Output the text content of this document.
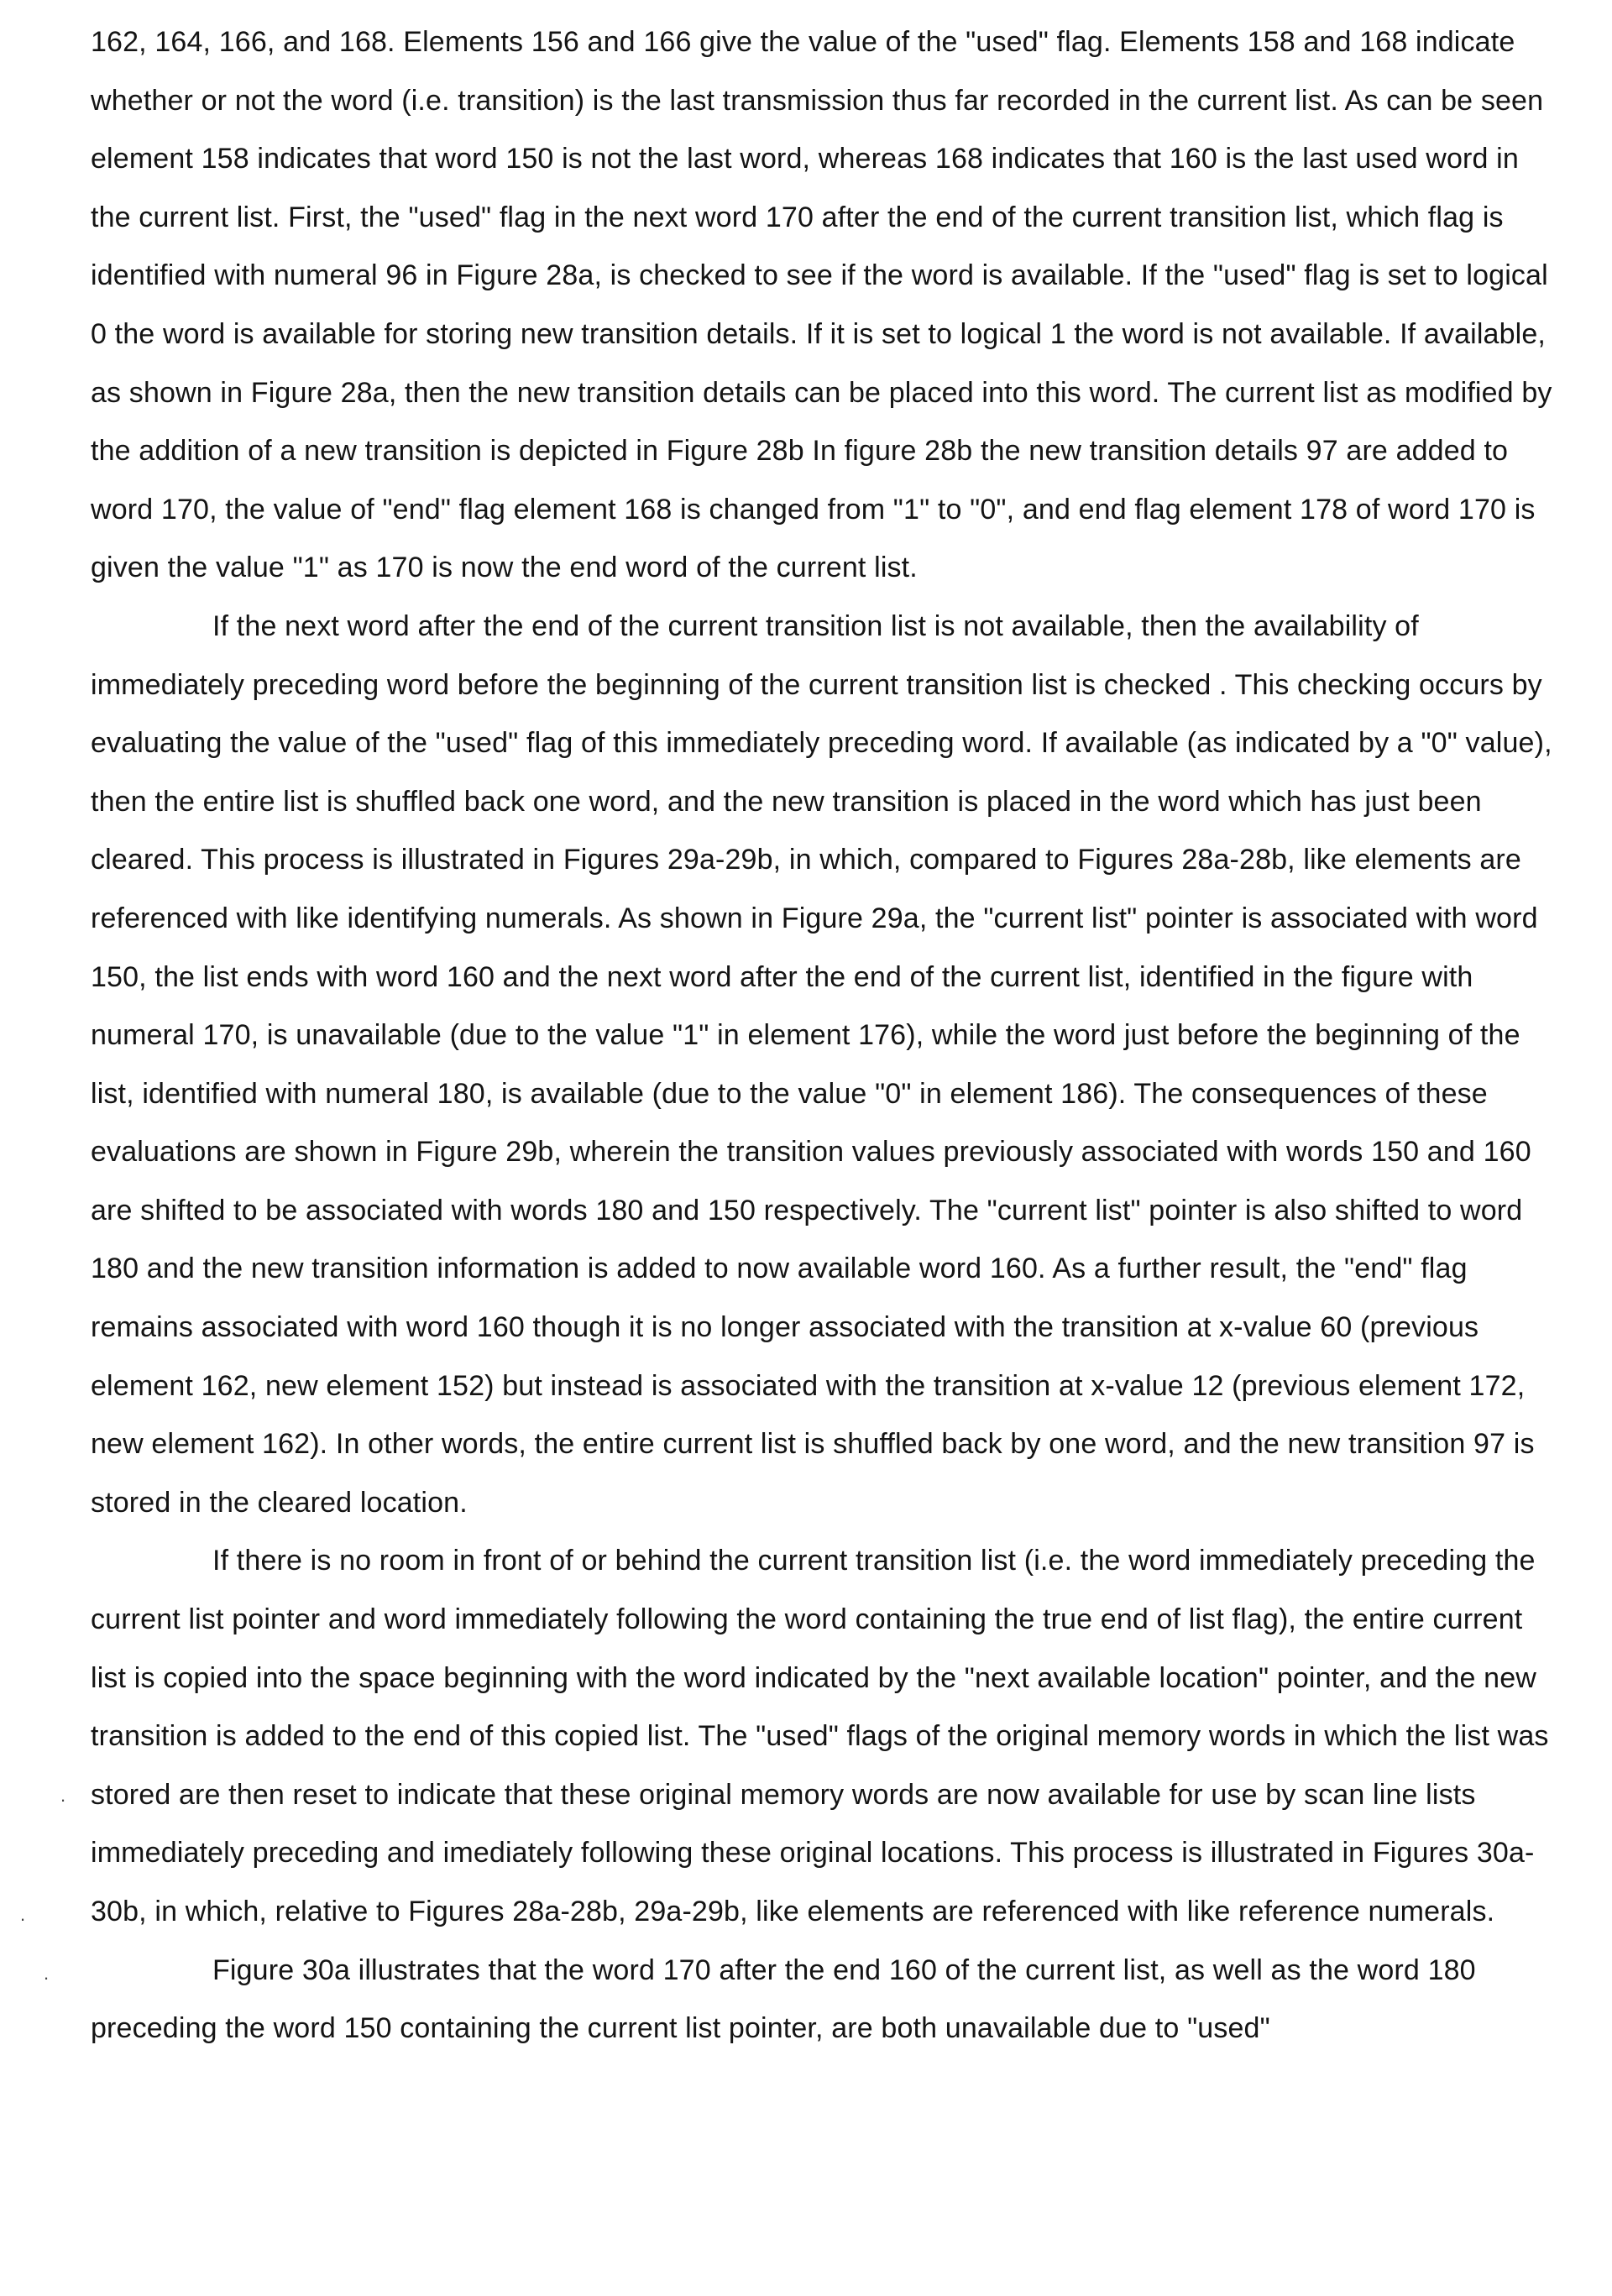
162, 164, 166, and 168. Elements 156 and 166 give the value of the "used" flag. Elements 158 and 168 indicate whether or not the word (i.e. transition) is the last transmission thus far recorded in the current list. As can be seen element 158 indicates that word 150 is not the last word, whereas 168 indicates that 160 is the last used word in the current list. First, the "used" flag in the next word 170 after the end of the current transition list, which flag is identified with numeral 96 in Figure 28a, is checked to see if the word is available. If the "used" flag is set to logical 0 the word is available for storing new transition details. If it is set to logical 1 the word is not available. If available, as shown in Figure 28a, then the new transition details can be placed into this word. The current list as modified by the addition of a new transition is depicted in Figure 28b In figure 28b the new transition details 97 are added to word 170, the value of "end" flag element 168 is changed from "1" to "0", and end flag element 178 of word 170 is given the value "1" as 170 is now the end word of the current list.

If the next word after the end of the current transition list is not available, then the availability of immediately preceding word before the beginning of the current transition list is checked . This checking occurs by evaluating the value of the "used" flag of this immediately preceding word. If available (as indicated by a "0" value), then the entire list is shuffled back one word, and the new transition is placed in the word which has just been cleared. This process is illustrated in Figures 29a-29b, in which, compared to Figures 28a-28b, like elements are referenced with like identifying numerals. As shown in Figure 29a, the "current list" pointer is associated with word 150, the list ends with word 160 and the next word after the end of the current list, identified in the figure with numeral 170, is unavailable (due to the value "1" in element 176), while the word just before the beginning of the list, identified with numeral 180, is available (due to the value "0" in element 186). The consequences of these evaluations are shown in Figure 29b, wherein the transition values previously associated with words 150 and 160 are shifted to be associated with words 180 and 150 respectively. The "current list" pointer is also shifted to word 180 and the new transition information is added to now available word 160. As a further result, the "end" flag remains associated with word 160 though it is no longer associated with the transition at x-value 60 (previous element 162, new element 152) but instead is associated with the transition at x-value 12 (previous element 172, new element 162). In other words, the entire current list is shuffled back by one word, and the new transition 97 is stored in the cleared location.

If there is no room in front of or behind the current transition list (i.e. the word immediately preceding the current list pointer and word immediately following the word containing the true end of list flag), the entire current list is copied into the space beginning with the word indicated by the "next available location" pointer, and the new transition is added to the end of this copied list. The "used" flags of the original memory words in which the list was stored are then reset to indicate that these original memory words are now available for use by scan line lists immediately preceding and imediately following these original locations. This process is illustrated in Figures 30a-30b, in which, relative to Figures 28a-28b, 29a-29b, like elements are referenced with like reference numerals.

Figure 30a illustrates that the word 170 after the end 160 of the current list, as well as the word 180 preceding the word 150 containing the current list pointer, are both unavailable due to "used"

.
.
.
